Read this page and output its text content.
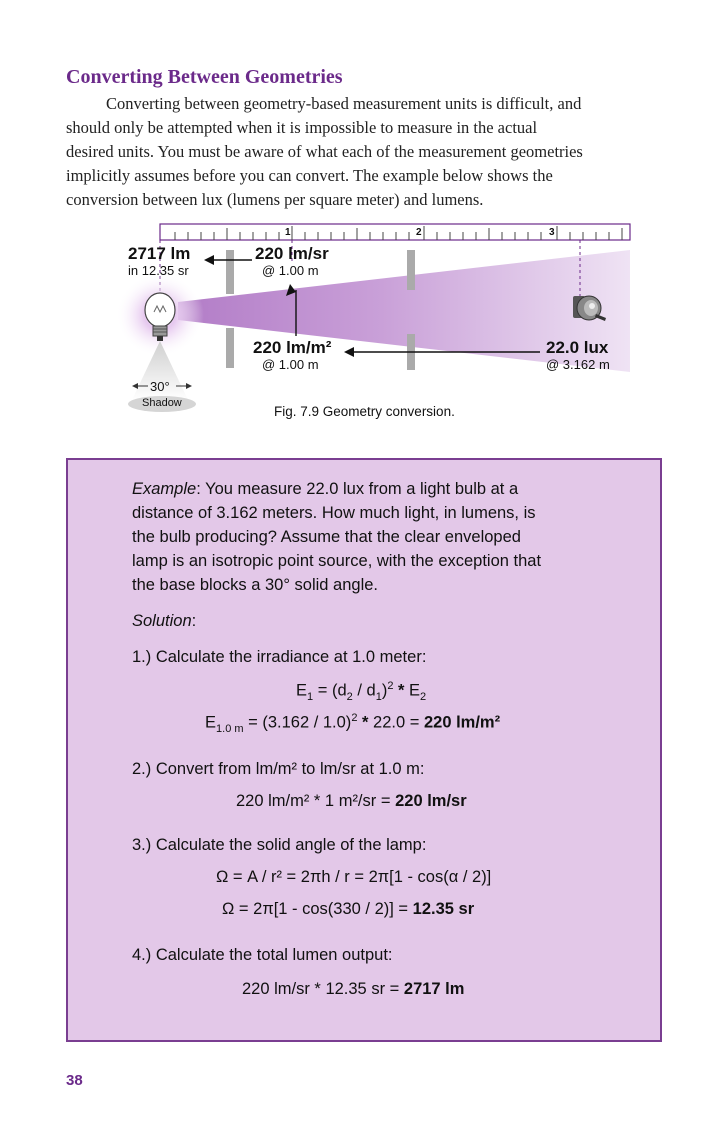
Converting Between Geometries
Converting between geometry-based measurement units is difficult, and
should only be attempted when it is impossible to measure in the actual
desired units. You must be aware of what each of the measurement geometries
implicitly assumes before you can convert. The example below shows the
conversion between lux (lumens per square meter) and lumens.
1	2	3
2717 lm
in 12.35 sr
220 lm/sr
@ 1.00 m
220 lm/m²
@ 1.00 m
22.0 lux
@ 3.162 m
30°
Shadow
Fig. 7.9 Geometry conversion.
Example: You measure 22.0 lux from a light bulb at a
distance of 3.162 meters. How much light, in lumens, is
the bulb producing? Assume that the clear enveloped
lamp is an isotropic point source, with the exception that
the base blocks a 30° solid angle.
Solution:
1.) Calculate the irradiance at 1.0 meter:
$E_1 = (d_2 / d_1)^2 * E_2$
$E_{1.0 m} = (3.162 / 1.0)^2 * 22.0 = 220$ lm/m²
2.) Convert from lm/m² to lm/sr at 1.0 m:
220 lm/m² * 1 m²/sr = 220 lm/sr
3.) Calculate the solid angle of the lamp:
Ω = A / r² = 2πh / r = 2π[1 - cos(α / 2)]
Ω = 2π[1 - cos(330 / 2)] = 12.35 sr
4.) Calculate the total lumen output:
220 lm/sr * 12.35 sr = 2717 lm
38
